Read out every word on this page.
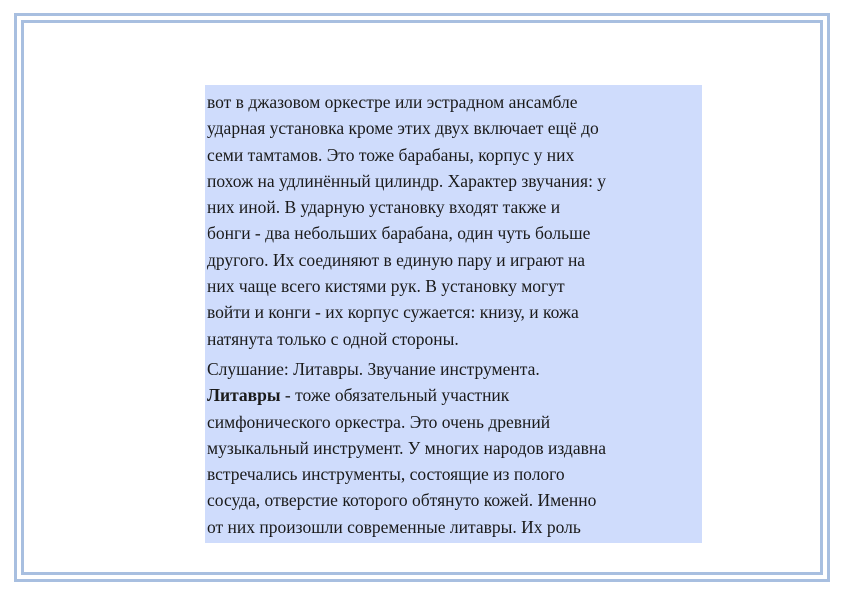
вот в джазовом оркестре или эстрадном ансамбле
ударная установка кроме этих двух включает ещё до
семи тамтамов. Это тоже барабаны, корпус у них
похож на удлинённый цилиндр. Характер звучания: у
них иной. В ударную установку входят также и
бонги - два небольших барабана, один чуть больше
другого. Их соединяют в единую пару и играют на
них чаще всего кистями рук. В установку могут
войти и конги - их корпус сужается: книзу, и кожа
натянута только с одной стороны.

Слушание: Литавры. Звучание инструмента.
Литавры - тоже обязательный участник
симфонического оркестра. Это очень древний
музыкальный инструмент. У многих народов издавна
встречались инструменты, состоящие из полого
сосуда, отверстие которого обтянуто кожей. Именно
от них произошли современные литавры. Их роль
